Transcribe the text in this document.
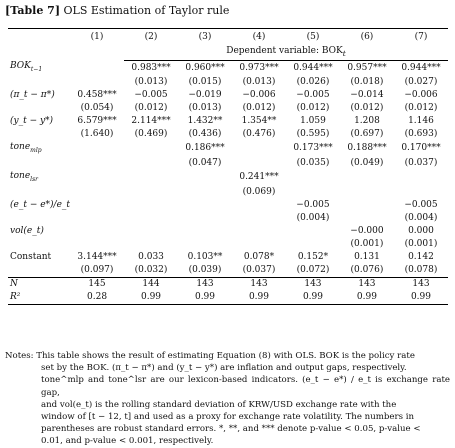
[Table 7] OLS Estimation of Taylor rule
	(1)	(2)	(3)	(4)	(5)	(6)	(7)
		Dependent variable: $BOK_t$
$BOK_{t-1}$		0.983***	0.960***	0.973***	0.944***	0.957***	0.944***
		(0.013)	(0.015)	(0.013)	(0.026)	(0.018)	(0.027)
(π_t − π*)	0.458***	−0.005	−0.019	−0.006	−0.005	−0.014	−0.006
	(0.054)	(0.012)	(0.013)	(0.012)	(0.012)	(0.012)	(0.012)
(y_t − y*)	6.579***	2.114***	1.432**	1.354**	1.059	1.208	1.146
	(1.640)	(0.469)	(0.436)	(0.476)	(0.595)	(0.697)	(0.693)
tone$_{mlp}$			0.186***		0.173***	0.188***	0.170***
			(0.047)		(0.035)	(0.049)	(0.037)
tone$_{lsr}$				0.241***			
				(0.069)			
(e_t − e*)/e_t					−0.005		−0.005
					(0.004)		(0.004)
vol(e_t)						−0.000	0.000
						(0.001)	(0.001)
Constant	3.144***	0.033	0.103**	0.078*	0.152*	0.131	0.142
	(0.097)	(0.032)	(0.039)	(0.037)	(0.072)	(0.076)	(0.078)
N	145	144	143	143	143	143	143
R²	0.28	0.99	0.99	0.99	0.99	0.99	0.99

Notes: This table shows the result of estimating Equation (8) with OLS. BOK is the policy rate

set by the BOK. (π_t − π*) and (y_t − y*) are inflation and output gaps, respectively.

tone^mlp and tone^lsr are our lexicon-based indicators. (e_t − e*) / e_t is exchange rate gap,

and vol(e_t) is the rolling standard deviation of KRW/USD exchange rate with the

window of [t − 12, t] and used as a proxy for exchange rate volatility. The numbers in

parentheses are robust standard errors. *, **, and *** denote p-value < 0.05, p-value <

0.01, and p-value < 0.001, respectively.
